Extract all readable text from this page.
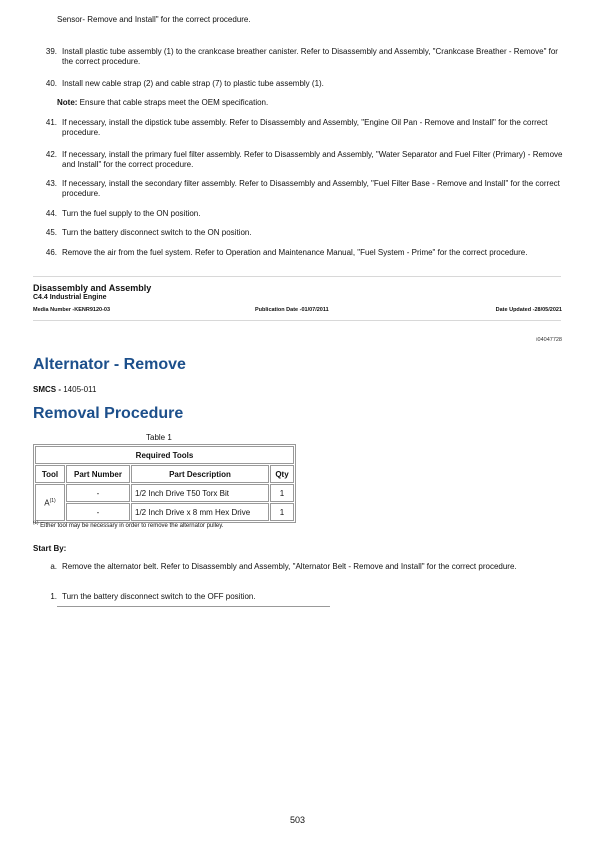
Sensor- Remove and Install" for the correct procedure.
39. Install plastic tube assembly (1) to the crankcase breather canister. Refer to Disassembly and Assembly, "Crankcase Breather - Remove" for the correct procedure.
40. Install new cable strap (2) and cable strap (7) to plastic tube assembly (1).
Note: Ensure that cable straps meet the OEM specification.
41. If necessary, install the dipstick tube assembly. Refer to Disassembly and Assembly, "Engine Oil Pan - Remove and Install" for the correct procedure.
42. If necessary, install the primary fuel filter assembly. Refer to Disassembly and Assembly, "Water Separator and Fuel Filter (Primary) - Remove and Install" for the correct procedure.
43. If necessary, install the secondary filter assembly. Refer to Disassembly and Assembly, "Fuel Filter Base - Remove and Install" for the correct procedure.
44. Turn the fuel supply to the ON position.
45. Turn the battery disconnect switch to the ON position.
46. Remove the air from the fuel system. Refer to Operation and Maintenance Manual, "Fuel System - Prime" for the correct procedure.
Disassembly and Assembly
C4.4 Industrial Engine
Media Number -KENR9120-03	Publication Date -01/07/2011	Date Updated -28/05/2021
i04047728
Alternator - Remove
SMCS - 1405-011
Removal Procedure
Table 1
Required Tools			
Tool	Part Number	Part Description	Qty
$A^{(1)}$	-	1/2 Inch Drive T50 Torx Bit	1
	-	1/2 Inch Drive x 8 mm Hex Drive	1
$^{(1)}$ Either tool may be necessary in order to remove the alternator pulley.
Start By:
a. Remove the alternator belt. Refer to Disassembly and Assembly, "Alternator Belt - Remove and Install" for the correct procedure.
1. Turn the battery disconnect switch to the OFF position.
503
